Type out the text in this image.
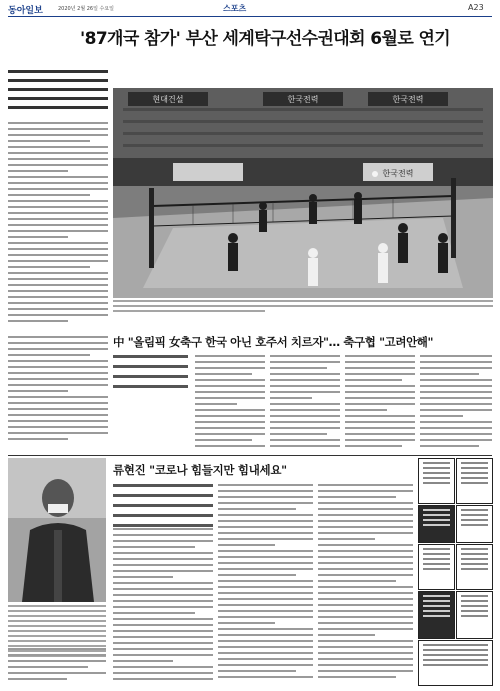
동아일보	2020년 2월 26일 수요일	스포츠	A23
'87개국 참가' 부산 세계탁구선수권대회 6월로 연기
현대건설	한국전력	한국전력
한국전력
中 "올림픽 女축구 한국 아닌 호주서 치르자"… 축구협 "고려안해"
류현진 "코로나 힘들지만 힘내세요"
